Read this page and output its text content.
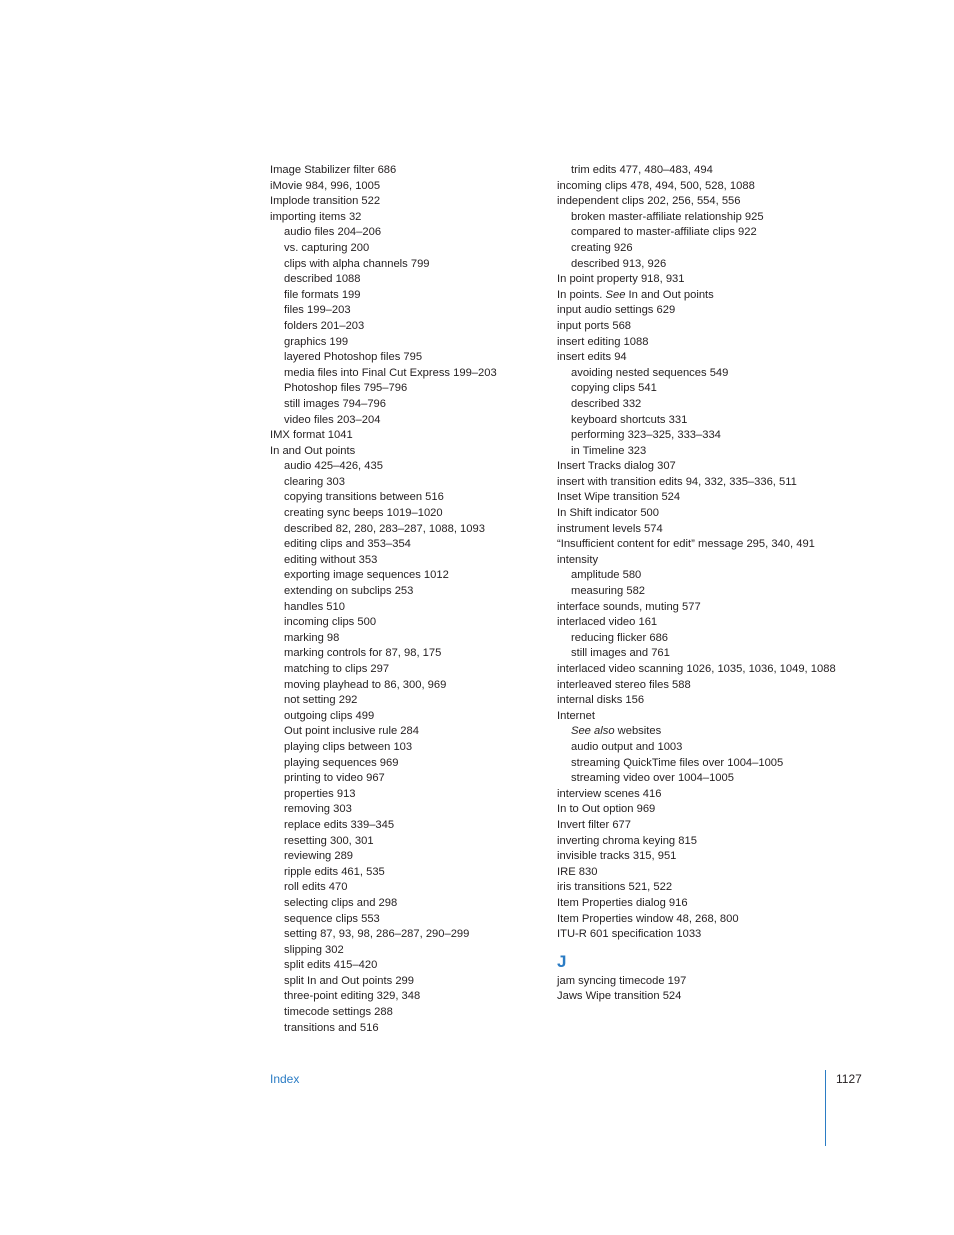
Image Stabilizer filter 686
iMovie 984, 996, 1005
Implode transition 522
importing items 32
audio files 204–206
vs. capturing 200
clips with alpha channels 799
described 1088
file formats 199
files 199–203
folders 201–203
graphics 199
layered Photoshop files 795
media files into Final Cut Express 199–203
Photoshop files 795–796
still images 794–796
video files 203–204
IMX format 1041
In and Out points
audio 425–426, 435
clearing 303
copying transitions between 516
creating sync beeps 1019–1020
described 82, 280, 283–287, 1088, 1093
editing clips and 353–354
editing without 353
exporting image sequences 1012
extending on subclips 253
handles 510
incoming clips 500
marking 98
marking controls for 87, 98, 175
matching to clips 297
moving playhead to 86, 300, 969
not setting 292
outgoing clips 499
Out point inclusive rule 284
playing clips between 103
playing sequences 969
printing to video 967
properties 913
removing 303
replace edits 339–345
resetting 300, 301
reviewing 289
ripple edits 461, 535
roll edits 470
selecting clips and 298
sequence clips 553
setting 87, 93, 98, 286–287, 290–299
slipping 302
split edits 415–420
split In and Out points 299
three-point editing 329, 348
timecode settings 288
transitions and 516
trim edits 477, 480–483, 494
incoming clips 478, 494, 500, 528, 1088
independent clips 202, 256, 554, 556
broken master-affiliate relationship 925
compared to master-affiliate clips 922
creating 926
described 913, 926
In point property 918, 931
In points. See In and Out points
input audio settings 629
input ports 568
insert editing 1088
insert edits 94
avoiding nested sequences 549
copying clips 541
described 332
keyboard shortcuts 331
performing 323–325, 333–334
in Timeline 323
Insert Tracks dialog 307
insert with transition edits 94, 332, 335–336, 511
Inset Wipe transition 524
In Shift indicator 500
instrument levels 574
“Insufficient content for edit” message 295, 340, 491
intensity
amplitude 580
measuring 582
interface sounds, muting 577
interlaced video 161
reducing flicker 686
still images and 761
interlaced video scanning 1026, 1035, 1036, 1049, 1088
interleaved stereo files 588
internal disks 156
Internet
See also websites
audio output and 1003
streaming QuickTime files over 1004–1005
streaming video over 1004–1005
interview scenes 416
In to Out option 969
Invert filter 677
inverting chroma keying 815
invisible tracks 315, 951
IRE 830
iris transitions 521, 522
Item Properties dialog 916
Item Properties window 48, 268, 800
ITU-R 601 specification 1033
J
jam syncing timecode 197
Jaws Wipe transition 524
Index	1127
